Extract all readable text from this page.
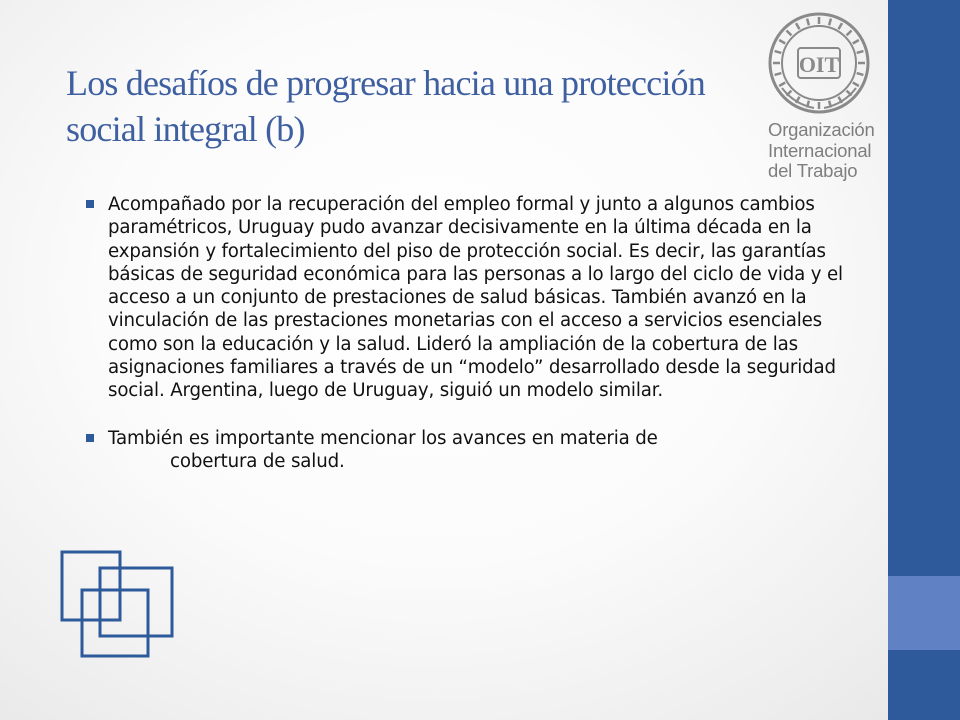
Los desafíos de progresar hacia una protección social integral (b)
OIT
Organización
Internacional
del Trabajo
Acompañado por la recuperación del empleo formal y junto a algunos cambios paramétricos, Uruguay pudo avanzar decisivamente en la última década en la expansión y fortalecimiento del piso de protección social. Es decir, las garantías básicas de seguridad económica para las personas a lo largo del ciclo de vida y el acceso a un conjunto de prestaciones de salud básicas. También avanzó en la vinculación de las prestaciones monetarias con el acceso a servicios esenciales como son la educación y la salud. Lideró la ampliación de la cobertura de las asignaciones familiares a través de un “modelo” desarrollado desde la seguridad social. Argentina, luego de Uruguay, siguió un modelo similar.
También es importante mencionar los avances en materia de
cobertura de salud.
